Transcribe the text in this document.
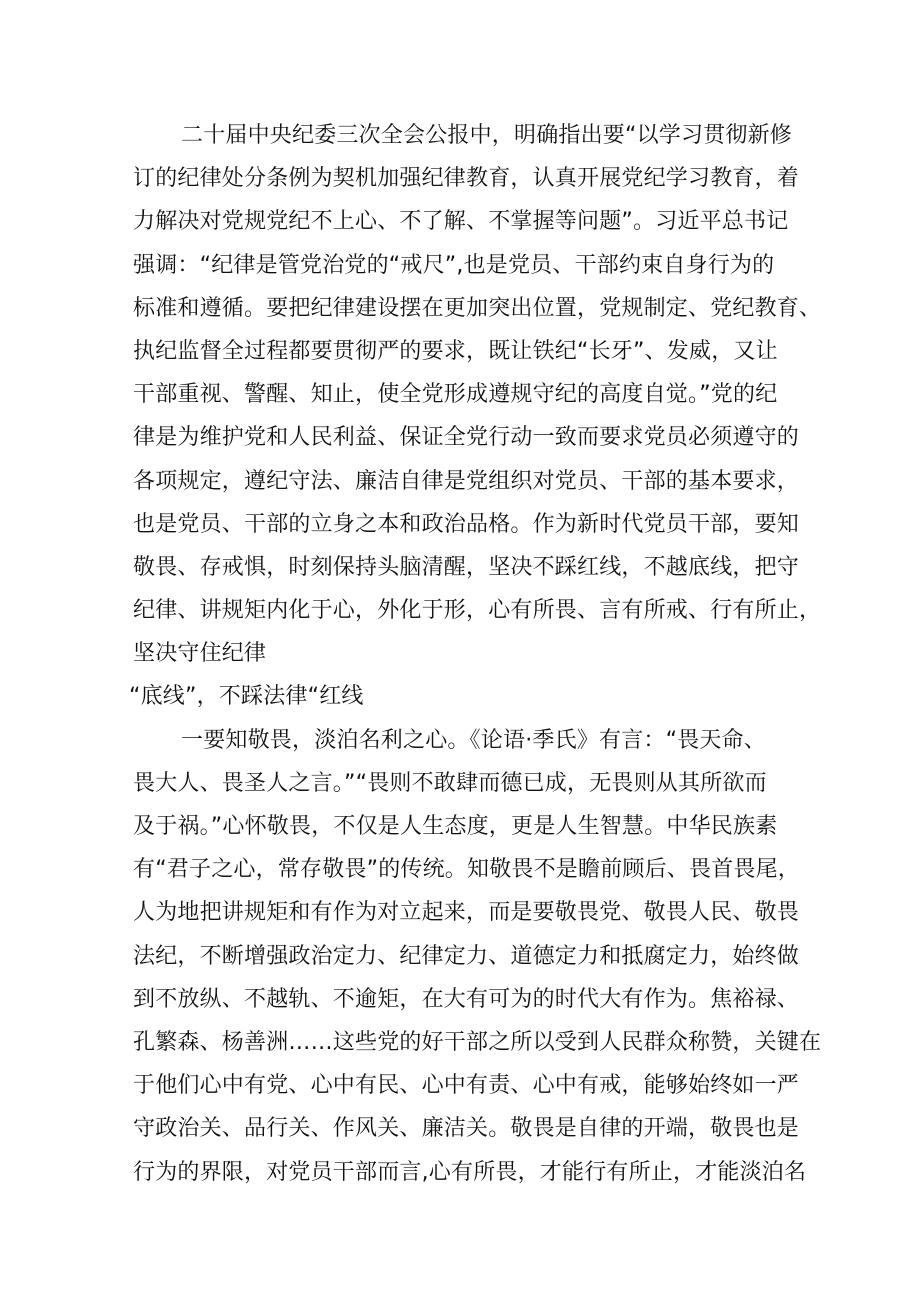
二十届中央纪委三次全会公报中，明确指出要“以学习贯彻新修
订的纪律处分条例为契机加强纪律教育，认真开展党纪学习教育，着
力解决对党规党纪不上心、不了解、不掌握等问题”。习近平总书记
强调：“纪律是管党治党的“戒尺”,也是党员、干部约束自身行为的
标准和遵循。要把纪律建设摆在更加突出位置，党规制定、党纪教育、
执纪监督全过程都要贯彻严的要求，既让铁纪“长牙”、发威，又让
干部重视、警醒、知止，使全党形成遵规守纪的高度自觉。”党的纪
律是为维护党和人民利益、保证全党行动一致而要求党员必须遵守的
各项规定，遵纪守法、廉洁自律是党组织对党员、干部的基本要求，
也是党员、干部的立身之本和政治品格。作为新时代党员干部，要知
敬畏、存戒惧，时刻保持头脑清醒，坚决不踩红线，不越底线，把守
纪律、讲规矩内化于心，外化于形，心有所畏、言有所戒、行有所止，
坚决守住纪律
“底线”，不踩法律“红线
一要知敬畏，淡泊名利之心。《论语·季氏》有言：“畏天命、
畏大人、畏圣人之言。”“畏则不敢肆而德已成，无畏则从其所欲而
及于祸。”心怀敬畏，不仅是人生态度，更是人生智慧。中华民族素
有“君子之心，常存敬畏”的传统。知敬畏不是瞻前顾后、畏首畏尾，
人为地把讲规矩和有作为对立起来，而是要敬畏党、敬畏人民、敬畏
法纪，不断增强政治定力、纪律定力、道德定力和抵腐定力，始终做
到不放纵、不越轨、不逾矩，在大有可为的时代大有作为。焦裕禄、
孔繁森、杨善洲……这些党的好干部之所以受到人民群众称赞，关键在
于他们心中有党、心中有民、心中有责、心中有戒，能够始终如一严
守政治关、品行关、作风关、廉洁关。敬畏是自律的开端，敬畏也是
行为的界限，对党员干部而言,心有所畏，才能行有所止，才能淡泊名
